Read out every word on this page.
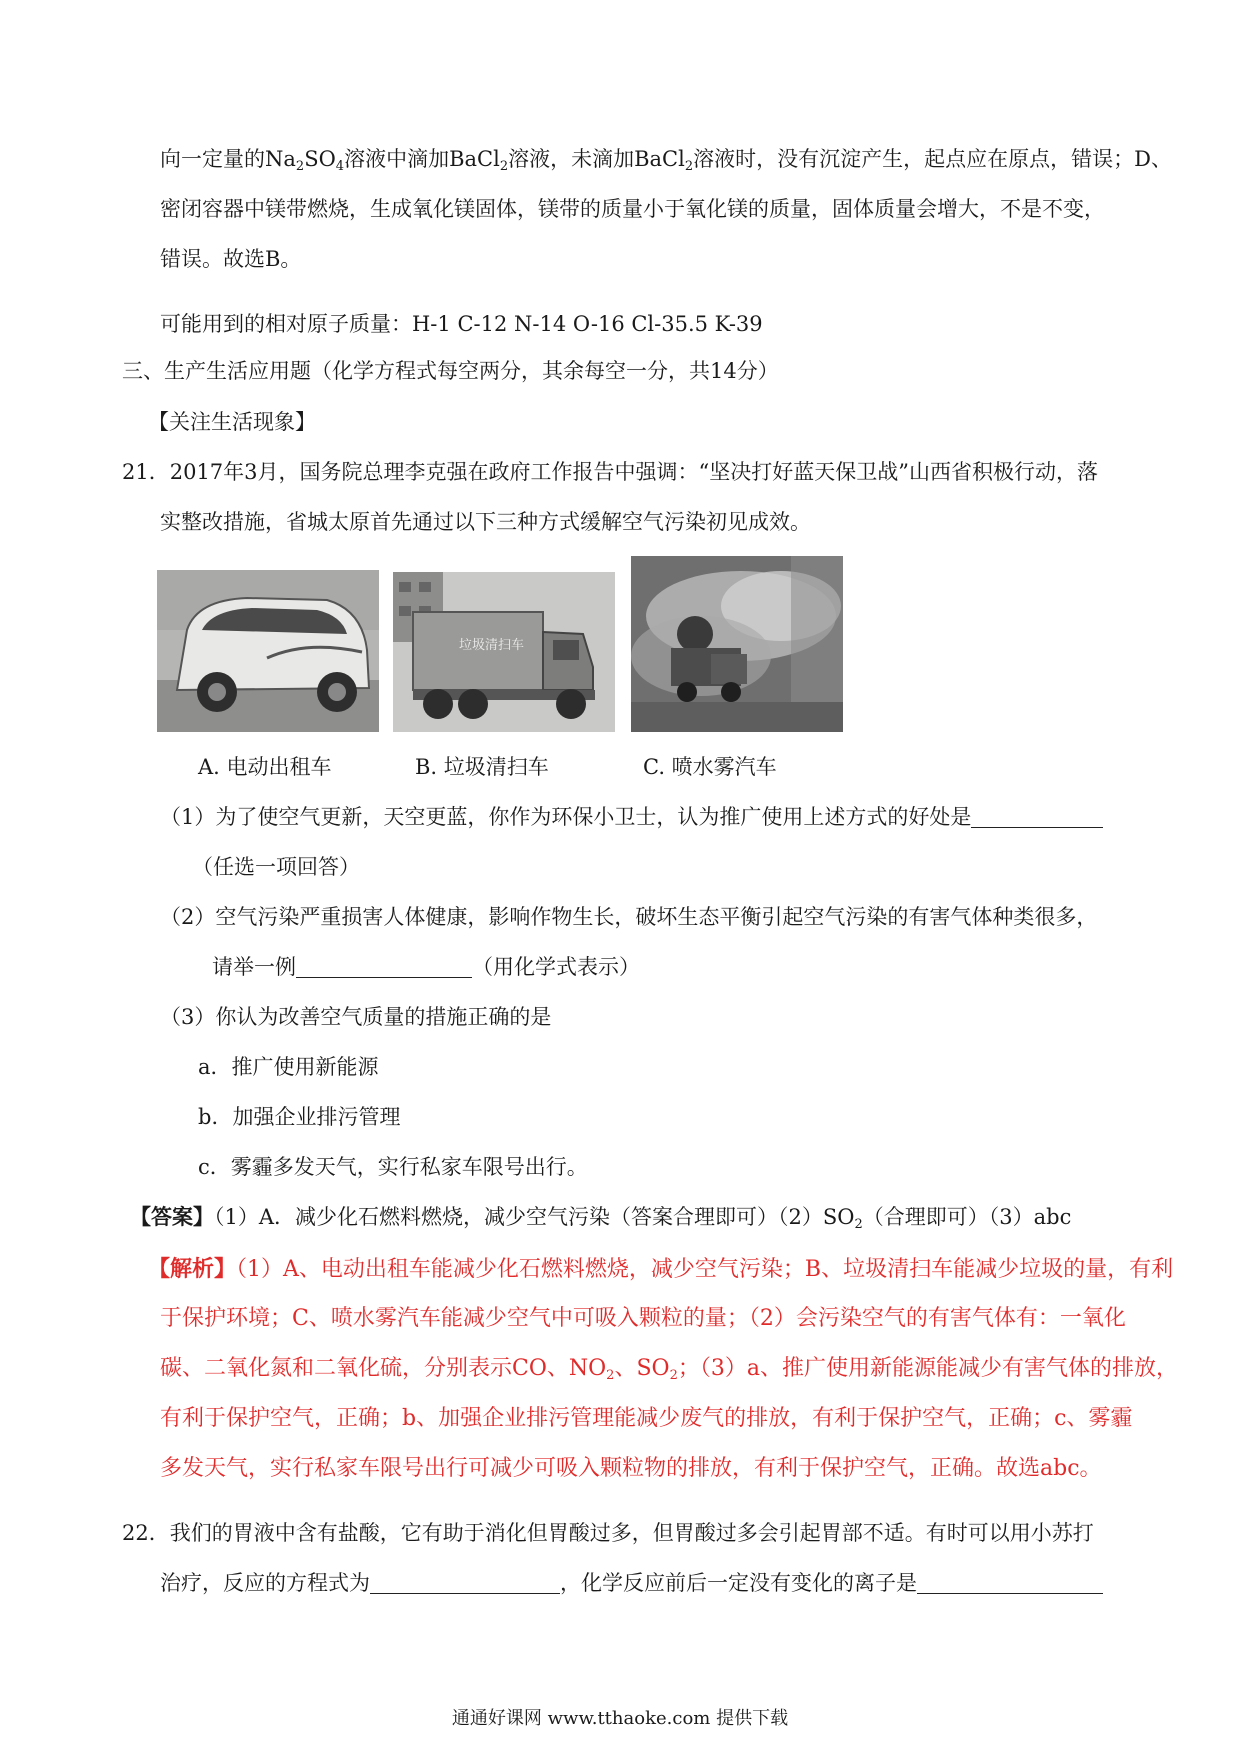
向一定量的$Na_2SO_4$溶液中滴加BaCl$_2$溶液，未滴加BaCl$_2$溶液时，没有沉淀产生，起点应在原点，错误；D、
密闭容器中镁带燃烧，生成氧化镁固体，镁带的质量小于氧化镁的质量，固体质量会增大，不是不变，
错误。故选B。
可能用到的相对原子质量：H-1 C-12 N-14 O-16 Cl-35.5 K-39
三、生产生活应用题（化学方程式每空两分，其余每空一分，共14分）
【关注生活现象】
21．2017年3月，国务院总理李克强在政府工作报告中强调：“坚决打好蓝天保卫战”山西省积极行动，落
实整改措施，省城太原首先通过以下三种方式缓解空气污染初见成效。
垃圾清扫车
A. 电动出租车	B. 垃圾清扫车	C. 喷水雾汽车
（1）为了使空气更新，天空更蓝，你作为环保小卫士，认为推广使用上述方式的好处是
（任选一项回答）
（2）空气污染严重损害人体健康，影响作物生长，破坏生态平衡引起空气污染的有害气体种类很多，
请举一例	（用化学式表示）
（3）你认为改善空气质量的措施正确的是
a．推广使用新能源
b．加强企业排污管理
c．雾霾多发天气，实行私家车限号出行。
【答案】（1）A．减少化石燃料燃烧，减少空气污染（答案合理即可）$(2)SO_2$（合理即可）（3）abc
【解析】（1）A、电动出租车能减少化石燃料燃烧，减少空气污染；B、垃圾清扫车能减少垃圾的量，有利
于保护环境；C、喷水雾汽车能减少空气中可吸入颗粒的量；（2）会污染空气的有害气体有：一氧化
碳、二氧化氮和二氧化硫，分别表示CO、$NO_2$、$SO_2$；（3）a、推广使用新能源能减少有害气体的排放，
有利于保护空气，正确；b、加强企业排污管理能减少废气的排放，有利于保护空气，正确；c、雾霾
多发天气，实行私家车限号出行可减少可吸入颗粒物的排放，有利于保护空气，正确。故选abc。
22．我们的胃液中含有盐酸，它有助于消化但胃酸过多，但胃酸过多会引起胃部不适。有时可以用小苏打
治疗，反应的方程式为	，化学反应前后一定没有变化的离子是
通通好课网 www.tthaoke.com 提供下载
